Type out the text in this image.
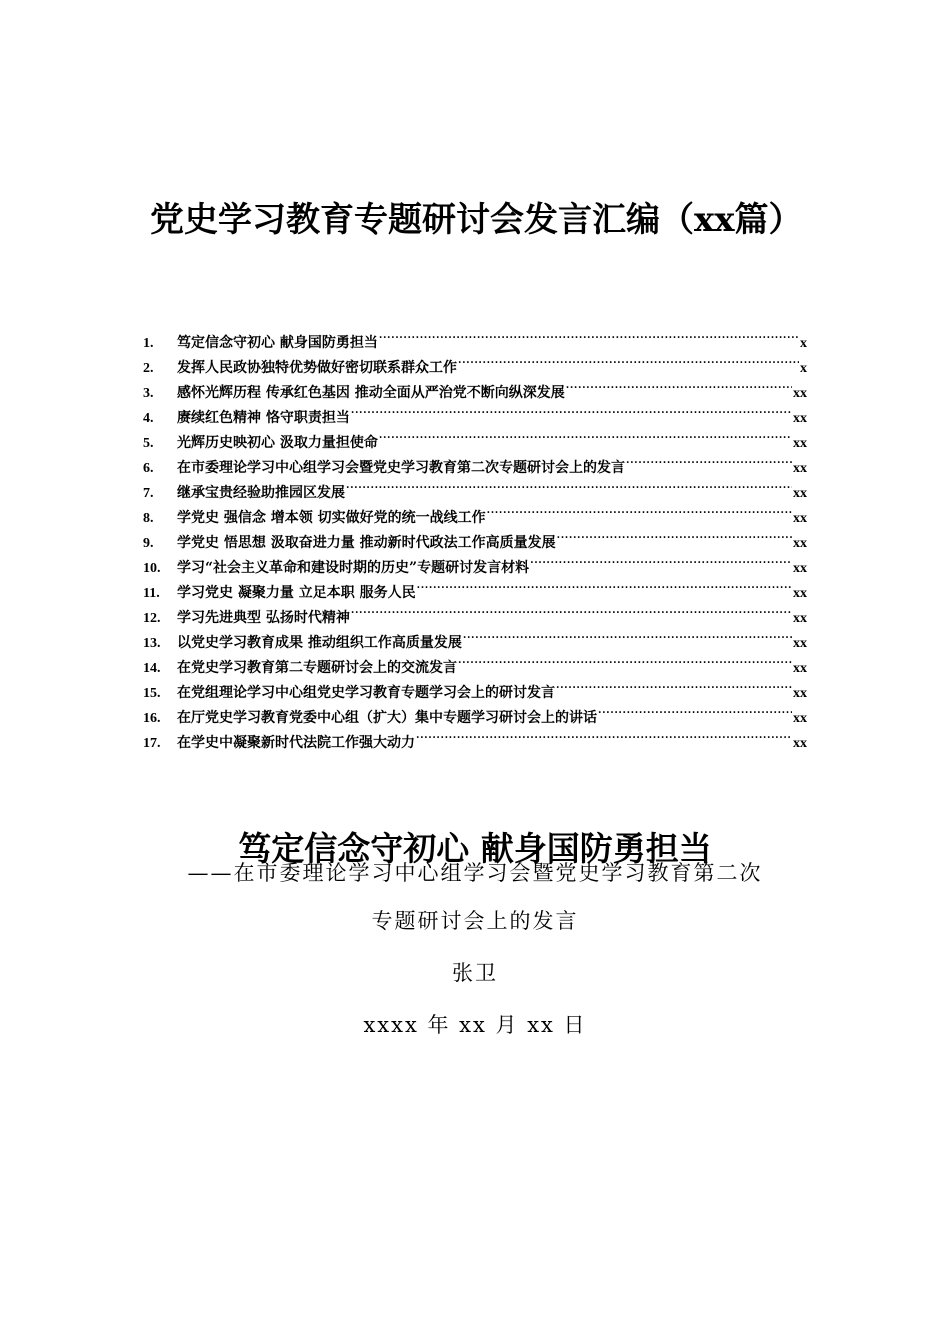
党史学习教育专题研讨会发言汇编（xx篇）
1.	笃定信念守初心 献身国防勇担当 .....	x
2.	发挥人民政协独特优势做好密切联系群众工作 .....	x
3.	感怀光辉历程 传承红色基因 推动全面从严治党不断向纵深发展 .....	xx
4.	赓续红色精神 恪守职责担当 .....	xx
5.	光辉历史映初心 汲取力量担使命 .....	xx
6.	在市委理论学习中心组学习会暨党史学习教育第二次专题研讨会上的发言 .....	xx
7.	继承宝贵经验助推园区发展 .....	xx
8.	学党史 强信念 增本领 切实做好党的统一战线工作 .....	xx
9.	学党史 悟思想 汲取奋进力量 推动新时代政法工作高质量发展 .....	xx
10.	学习“社会主义革命和建设时期的历史”专题研讨发言材料 .....	xx
11.	学习党史 凝聚力量 立足本职 服务人民 .....	xx
12.	学习先进典型 弘扬时代精神 .....	xx
13.	以党史学习教育成果 推动组织工作高质量发展 .....	xx
14.	在党史学习教育第二专题研讨会上的交流发言 .....	xx
15.	在党组理论学习中心组党史学习教育专题学习会上的研讨发言 .....	xx
16.	在厅党史学习教育党委中心组（扩大）集中专题学习研讨会上的讲话 .....	xx
17.	在学史中凝聚新时代法院工作强大动力 .....	xx
笃定信念守初心 献身国防勇担当
——在市委理论学习中心组学习会暨党史学习教育第二次
专题研讨会上的发言
张卫
xxxx 年 xx 月 xx 日
